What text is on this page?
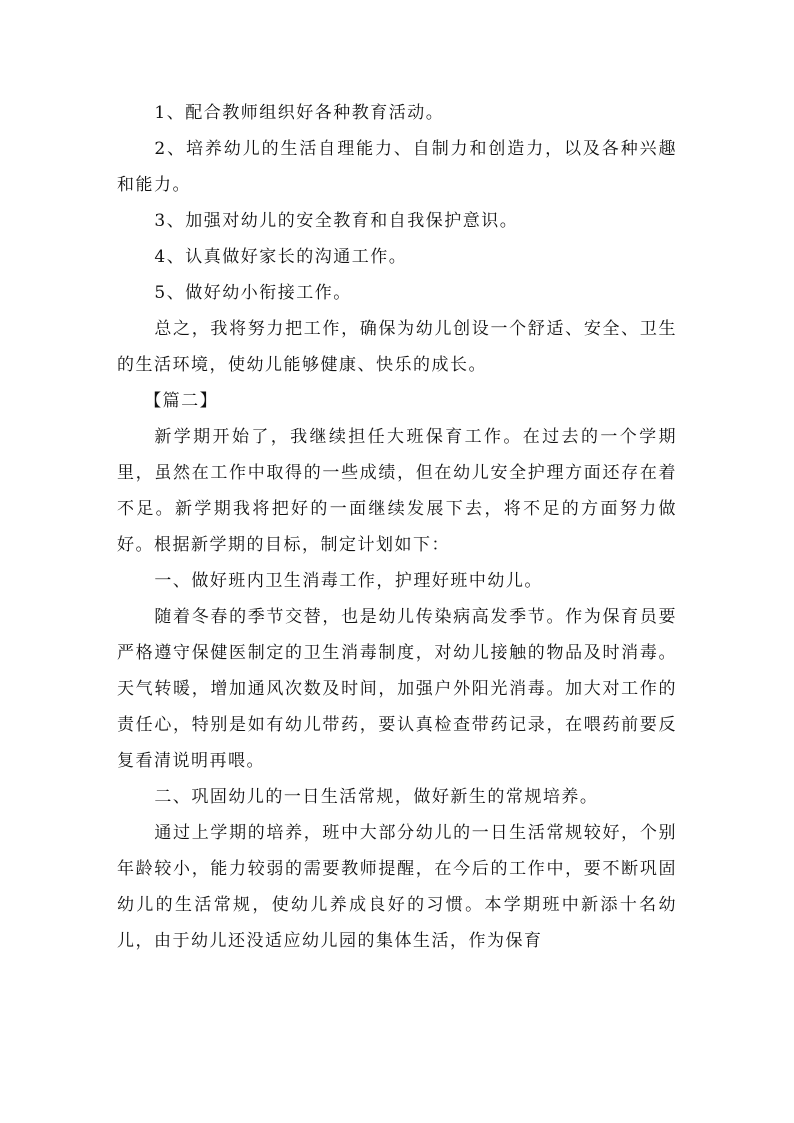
1、配合教师组织好各种教育活动。

2、培养幼儿的生活自理能力、自制力和创造力，以及各种兴趣和能力。

3、加强对幼儿的安全教育和自我保护意识。

4、认真做好家长的沟通工作。

5、做好幼小衔接工作。

总之，我将努力把工作，确保为幼儿创设一个舒适、安全、卫生的生活环境，使幼儿能够健康、快乐的成长。

【篇二】

新学期开始了，我继续担任大班保育工作。在过去的一个学期里，虽然在工作中取得的一些成绩，但在幼儿安全护理方面还存在着不足。新学期我将把好的一面继续发展下去，将不足的方面努力做好。根据新学期的目标，制定计划如下：

一、做好班内卫生消毒工作，护理好班中幼儿。

随着冬春的季节交替，也是幼儿传染病高发季节。作为保育员要严格遵守保健医制定的卫生消毒制度，对幼儿接触的物品及时消毒。天气转暖，增加通风次数及时间，加强户外阳光消毒。加大对工作的责任心，特别是如有幼儿带药，要认真检查带药记录，在喂药前要反复看清说明再喂。

二、巩固幼儿的一日生活常规，做好新生的常规培养。

通过上学期的培养，班中大部分幼儿的一日生活常规较好，个别年龄较小，能力较弱的需要教师提醒，在今后的工作中，要不断巩固幼儿的生活常规，使幼儿养成良好的习惯。本学期班中新添十名幼儿，由于幼儿还没适应幼儿园的集体生活，作为保育
